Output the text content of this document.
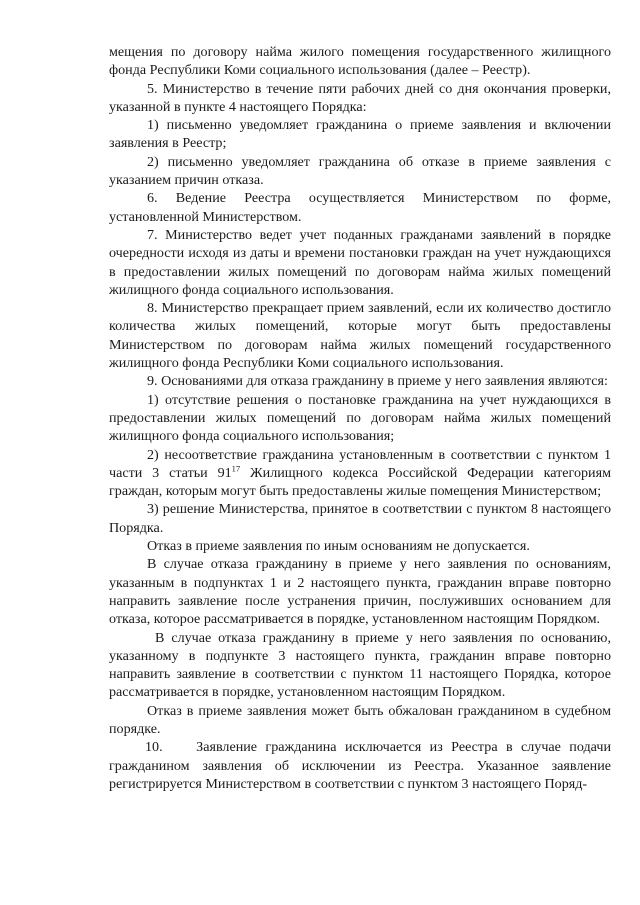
мещения по договору найма жилого помещения государственного жилищного фонда Республики Коми социального использования (далее – Реестр).

5. Министерство в течение пяти рабочих дней со дня окончания проверки, указанной в пункте 4 настоящего Порядка:

1) письменно уведомляет гражданина о приеме заявления и включении заявления в Реестр;

2) письменно уведомляет гражданина об отказе в приеме заявления с указанием причин отказа.

6. Ведение Реестра осуществляется Министерством по форме, установленной Министерством.

7. Министерство ведет учет поданных гражданами заявлений в порядке очередности исходя из даты и времени постановки граждан на учет нуждающихся в предоставлении жилых помещений по договорам найма жилых помещений жилищного фонда социального использования.

8. Министерство прекращает прием заявлений, если их количество достигло количества жилых помещений, которые могут быть предоставлены Министерством по договорам найма жилых помещений государственного жилищного фонда Республики Коми социального использования.

9. Основаниями для отказа гражданину в приеме у него заявления являются:

1) отсутствие решения о постановке гражданина на учет нуждающихся в предоставлении жилых помещений по договорам найма жилых помещений жилищного фонда социального использования;

2) несоответствие гражданина установленным в соответствии с пунктом 1 части 3 статьи $91^{17}$ Жилищного кодекса Российской Федерации категориям граждан, которым могут быть предоставлены жилые помещения Министерством;

3) решение Министерства, принятое в соответствии с пунктом 8 настоящего Порядка.

Отказ в приеме заявления по иным основаниям не допускается.

В случае отказа гражданину в приеме у него заявления по основаниям, указанным в подпунктах 1 и 2 настоящего пункта, гражданин вправе повторно направить заявление после устранения причин, послуживших основанием для отказа, которое рассматривается в порядке, установленном настоящим Порядком.

В случае отказа гражданину в приеме у него заявления по основанию, указанному в подпункте 3 настоящего пункта, гражданин вправе повторно направить заявление в соответствии с пунктом 11 настоящего Порядка, которое рассматривается в порядке, установленном настоящим Порядком.

Отказ в приеме заявления может быть обжалован гражданином в судебном порядке.

10.    Заявление гражданина исключается из Реестра в случае подачи гражданином заявления об исключении из Реестра. Указанное заявление регистрируется Министерством в соответствии с пунктом 3 настоящего Поряд-
